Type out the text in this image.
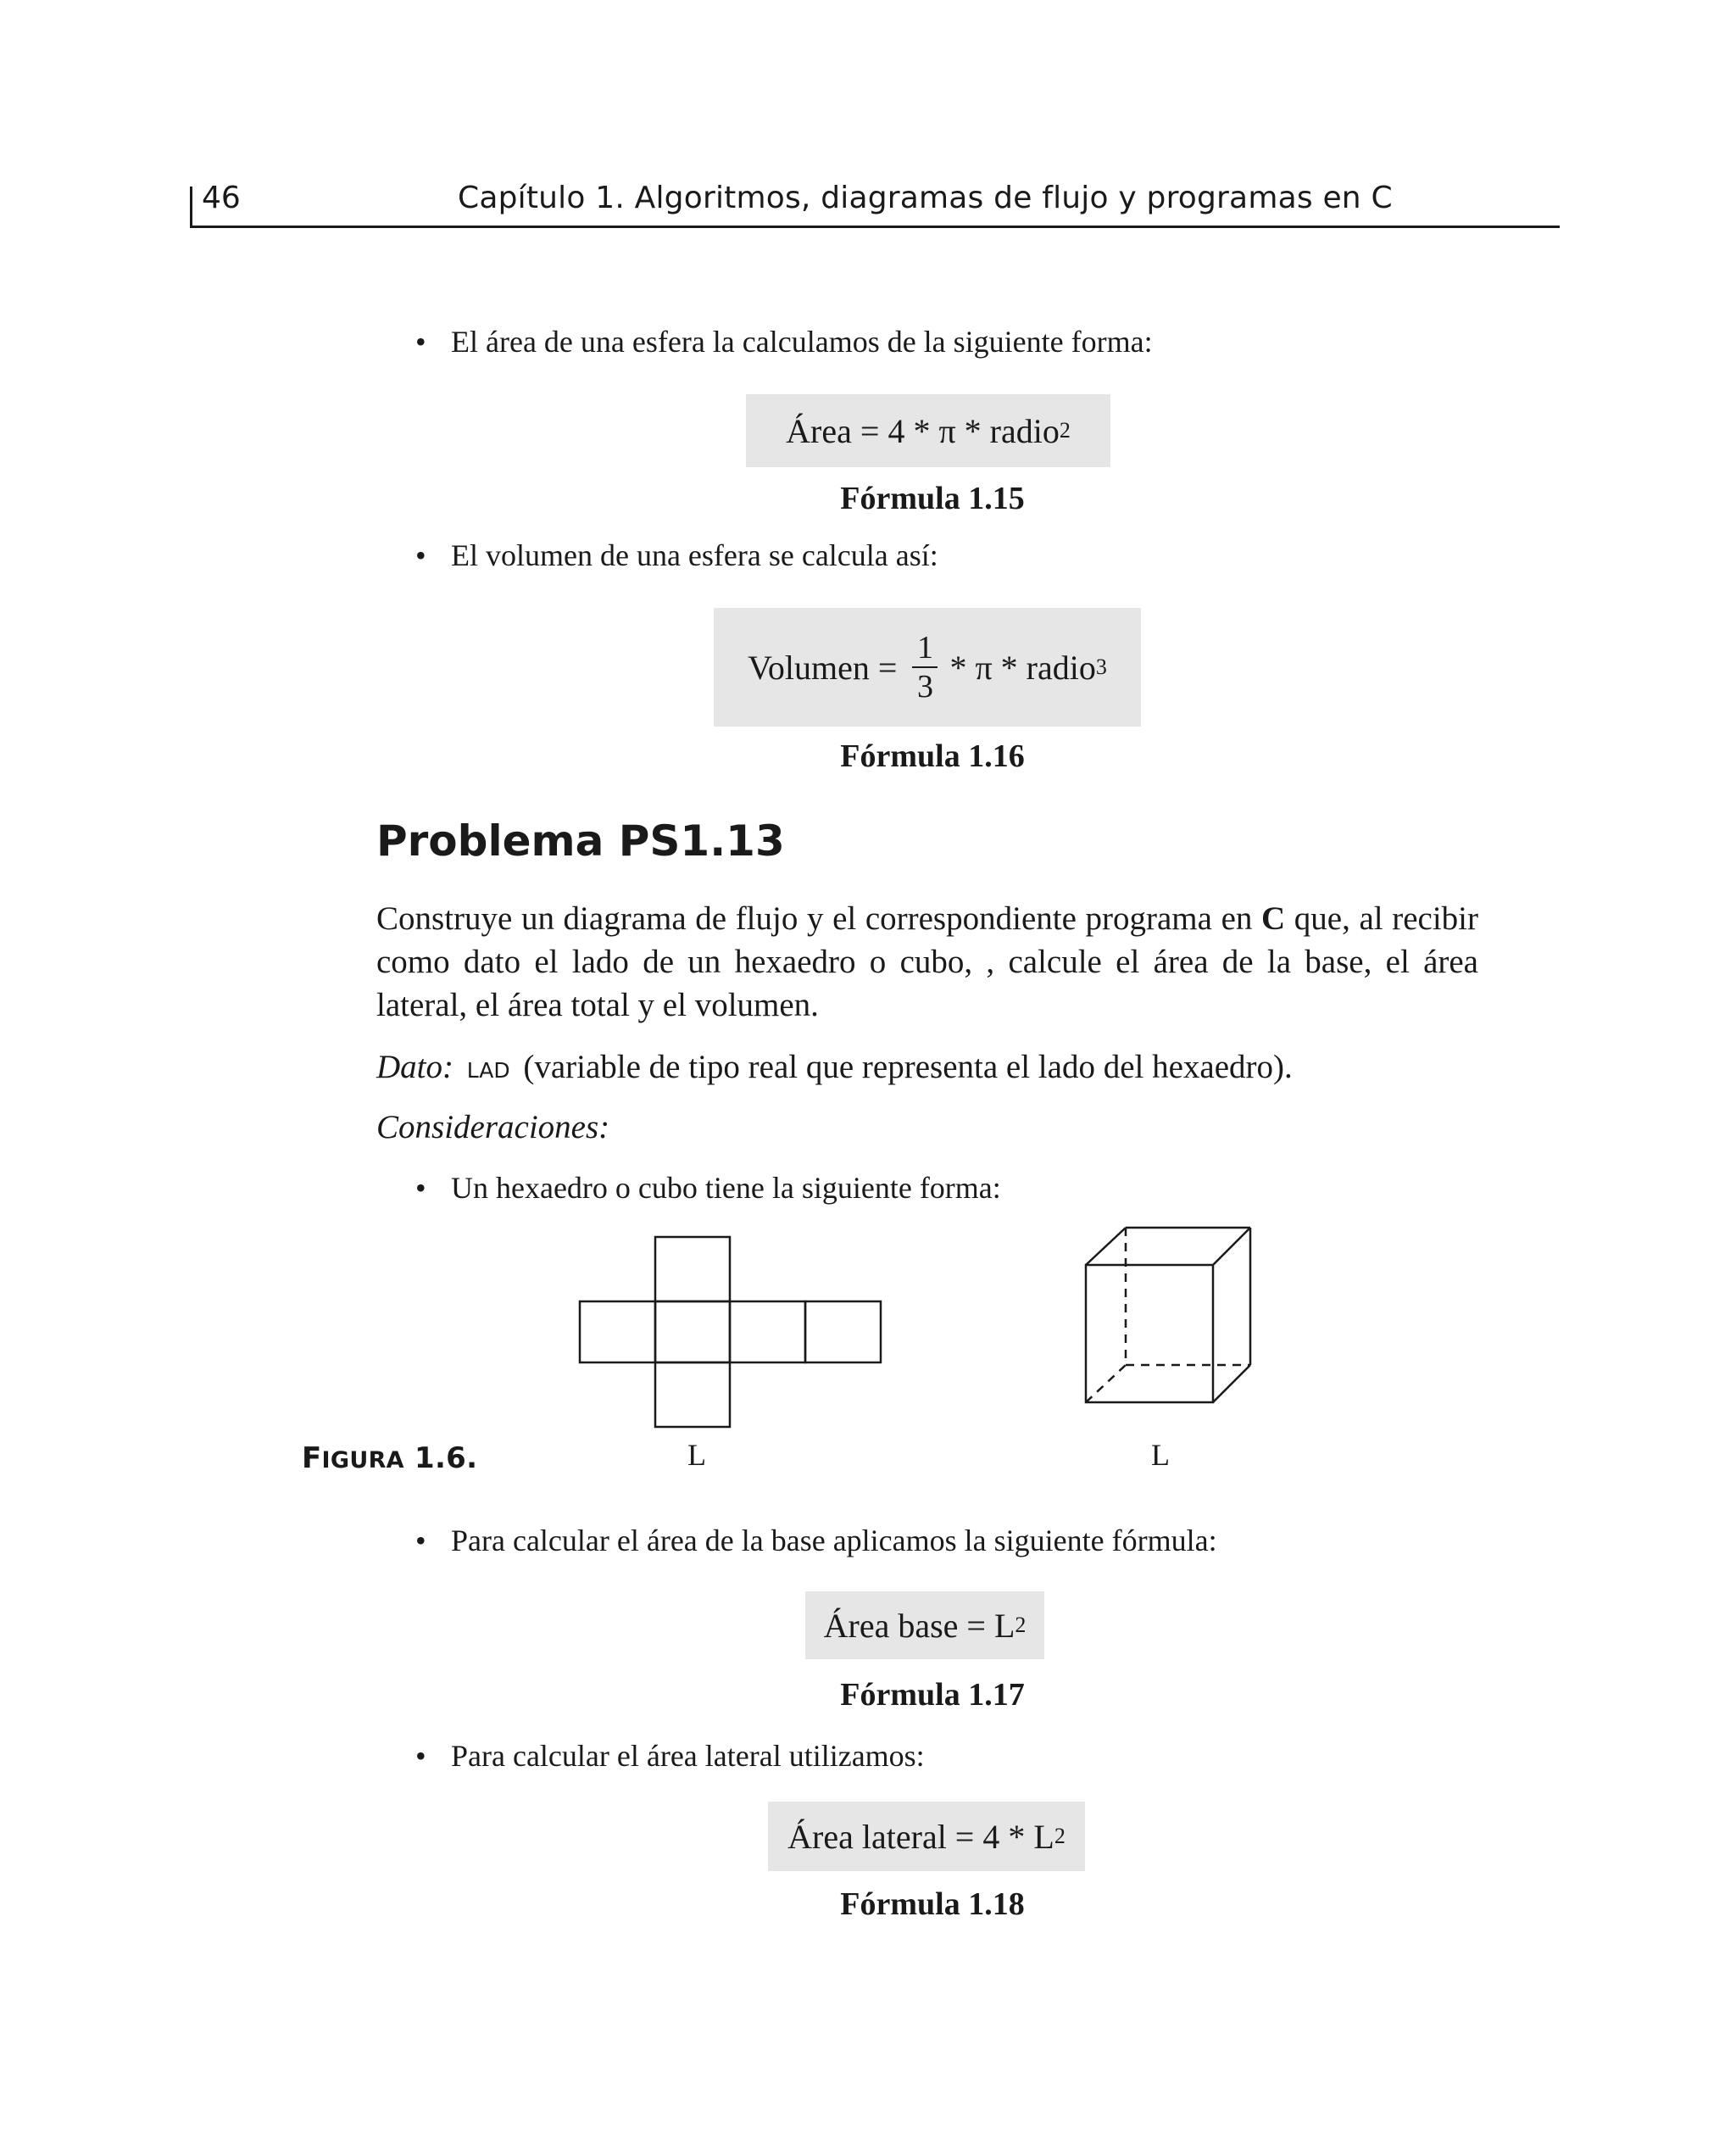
46	Capítulo 1. Algoritmos, diagramas de flujo y programas en C
• El área de una esfera la calculamos de la siguiente forma:
Área = 4 * π * radio 2
Fórmula 1.15
• El volumen de una esfera se calcula así:
Volumen = $\frac{1}{3}$ * π * radio 3
Fórmula 1.16
Problema PS1.13
Construye un diagrama de flujo y el correspondiente programa en C que, al recibir como dato el lado de un hexaedro o cubo, , calcule el área de la base, el área lateral, el área total y el volumen.
Dato: LAD (variable de tipo real que representa el lado del hexaedro).
Consideraciones:
• Un hexaedro o cubo tiene la siguiente forma:
FIGURA 1.6.	L	L
• Para calcular el área de la base aplicamos la siguiente fórmula:
Área base = L 2
Fórmula 1.17
• Para calcular el área lateral utilizamos:
Área lateral = 4 * L 2
Fórmula 1.18
